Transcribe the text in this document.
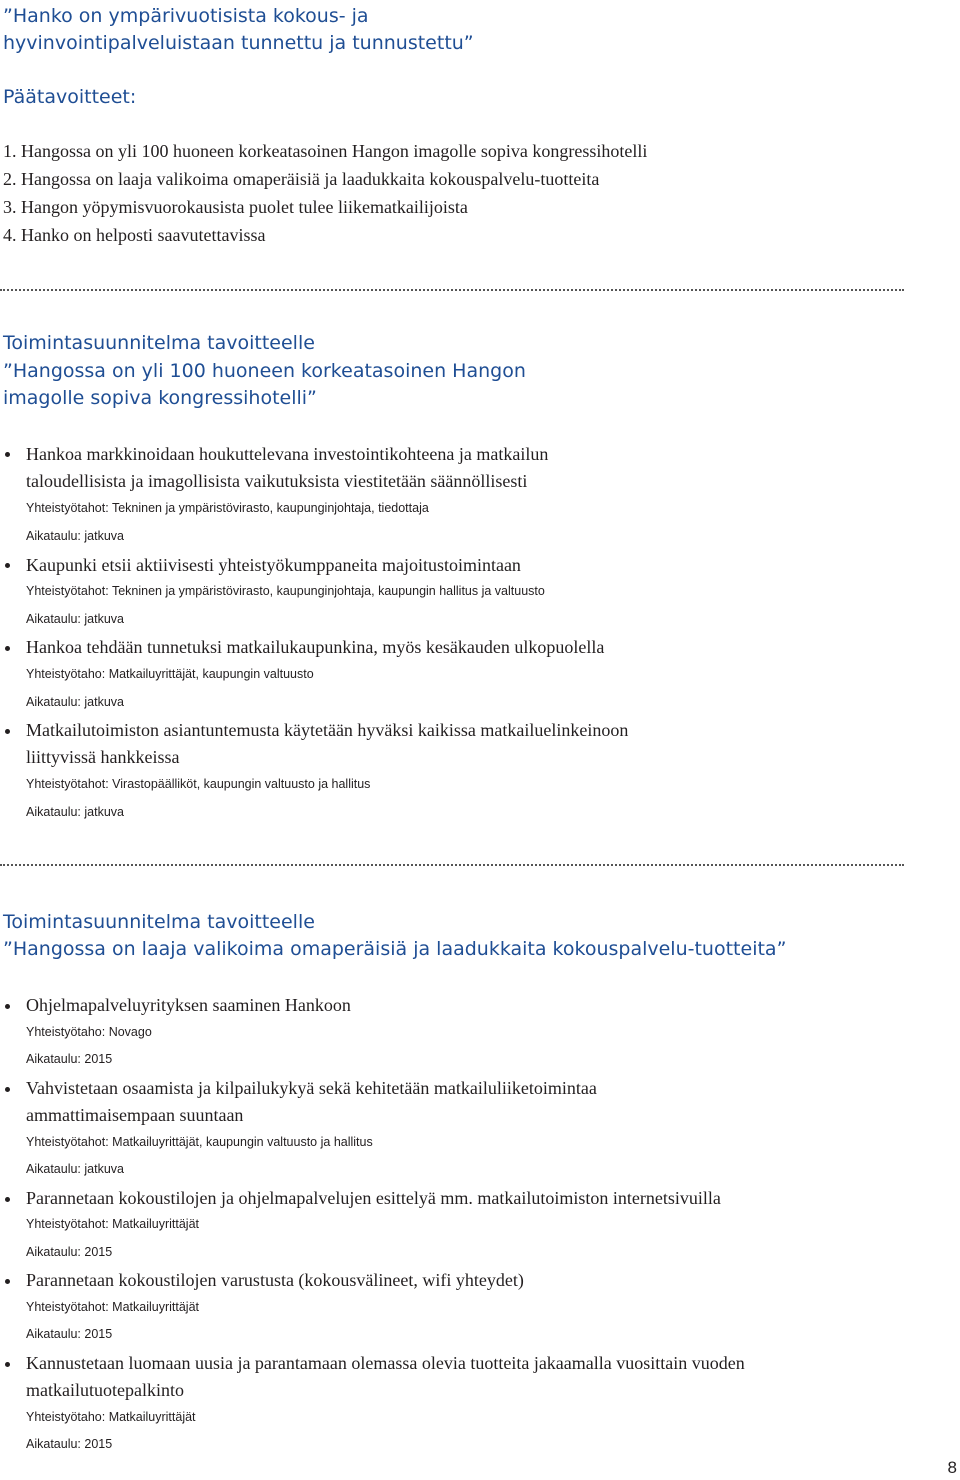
”Hanko on ympärivuotisista kokous- ja
hyvinvointipalveluistaan tunnettu ja tunnustettu”
Päätavoitteet:
1. Hangossa on yli 100 huoneen korkeatasoinen Hangon imagolle sopiva kongressihotelli
2. Hangossa on laaja valikoima omaperäisiä ja laadukkaita kokouspalvelu-tuotteita
3. Hangon yöpymisvuorokausista puolet tulee liikematkailijoista
4. Hanko on helposti saavutettavissa
Toimintasuunnitelma tavoitteelle
”Hangossa on yli 100 huoneen korkeatasoinen Hangon
imagolle sopiva kongressihotelli”
Hankoa markkinoidaan houkuttelevana investointikohteena ja matkailun
taloudellisista ja imagollisista vaikutuksista viestitetään säännöllisesti
Yhteistyötahot: Tekninen ja ympäristövirasto, kaupunginjohtaja, tiedottaja
Aikataulu: jatkuva
Kaupunki etsii aktiivisesti yhteistyökumppaneita majoitustoimintaan
Yhteistyötahot: Tekninen ja ympäristövirasto, kaupunginjohtaja, kaupungin hallitus ja valtuusto
Aikataulu: jatkuva
Hankoa tehdään tunnetuksi matkailukaupunkina, myös kesäkauden ulkopuolella
Yhteistyötaho: Matkailuyrittäjät, kaupungin valtuusto
Aikataulu: jatkuva
Matkailutoimiston asiantuntemusta käytetään hyväksi kaikissa matkailuelinkeinoon
liittyvissä hankkeissa
Yhteistyötahot: Virastopäälliköt, kaupungin valtuusto ja hallitus
Aikataulu: jatkuva
Toimintasuunnitelma tavoitteelle
”Hangossa on laaja valikoima omaperäisiä ja laadukkaita kokouspalvelu-tuotteita”
Ohjelmapalveluyrityksen saaminen Hankoon
Yhteistyötaho: Novago
Aikataulu: 2015
Vahvistetaan osaamista ja kilpailukykyä sekä kehitetään matkailuliiketoimintaa
ammattimaisempaan suuntaan
Yhteistyötahot: Matkailuyrittäjät, kaupungin valtuusto ja hallitus
Aikataulu: jatkuva
Parannetaan kokoustilojen ja ohjelmapalvelujen esittelyä mm. matkailutoimiston internetsivuilla
Yhteistyötahot: Matkailuyrittäjät
Aikataulu: 2015
Parannetaan kokoustilojen varustusta (kokousvälineet, wifi yhteydet)
Yhteistyötahot: Matkailuyrittäjät
Aikataulu: 2015
Kannustetaan luomaan uusia ja parantamaan olemassa olevia tuotteita jakaamalla vuosittain vuoden
matkailutuotepalkinto
Yhteistyötaho: Matkailuyrittäjät
Aikataulu: 2015
8
